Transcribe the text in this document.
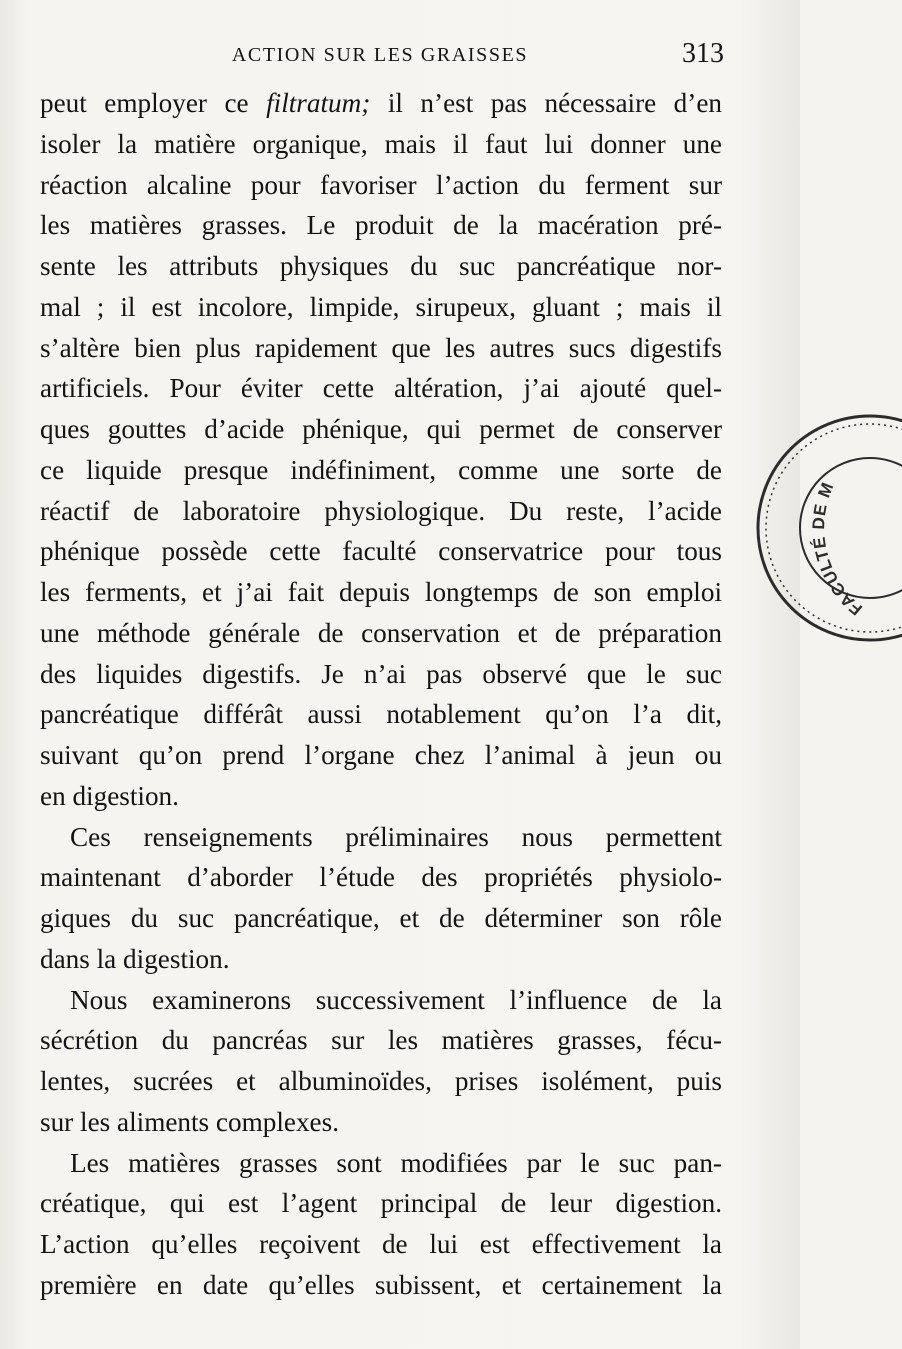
ACTION SUR LES GRAISSES	313
peut employer ce filtratum; il n’est pas nécessaire d’en
isoler la matière organique, mais il faut lui donner une
réaction alcaline pour favoriser l’action du ferment sur
les matières grasses. Le produit de la macération pré-
sente les attributs physiques du suc pancréatique nor-
mal ; il est incolore, limpide, sirupeux, gluant ; mais il
s’altère bien plus rapidement que les autres sucs digestifs
artificiels. Pour éviter cette altération, j’ai ajouté quel-
ques gouttes d’acide phénique, qui permet de conserver
ce liquide presque indéfiniment, comme une sorte de
réactif de laboratoire physiologique. Du reste, l’acide
phénique possède cette faculté conservatrice pour tous
les ferments, et j’ai fait depuis longtemps de son emploi
une méthode générale de conservation et de préparation
des liquides digestifs. Je n’ai pas observé que le suc
pancréatique différât aussi notablement qu’on l’a dit,
suivant qu’on prend l’organe chez l’animal à jeun ou
en digestion.
Ces renseignements préliminaires nous permettent
maintenant d’aborder l’étude des propriétés physiolo-
giques du suc pancréatique, et de déterminer son rôle
dans la digestion.
Nous examinerons successivement l’influence de la
sécrétion du pancréas sur les matières grasses, fécu-
lentes, sucrées et albuminoïdes, prises isolément, puis
sur les aliments complexes.
Les matières grasses sont modifiées par le suc pan-
créatique, qui est l’agent principal de leur digestion.
L’action qu’elles reçoivent de lui est effectivement la
première en date qu’elles subissent, et certainement la
FACULTÉ DE M
